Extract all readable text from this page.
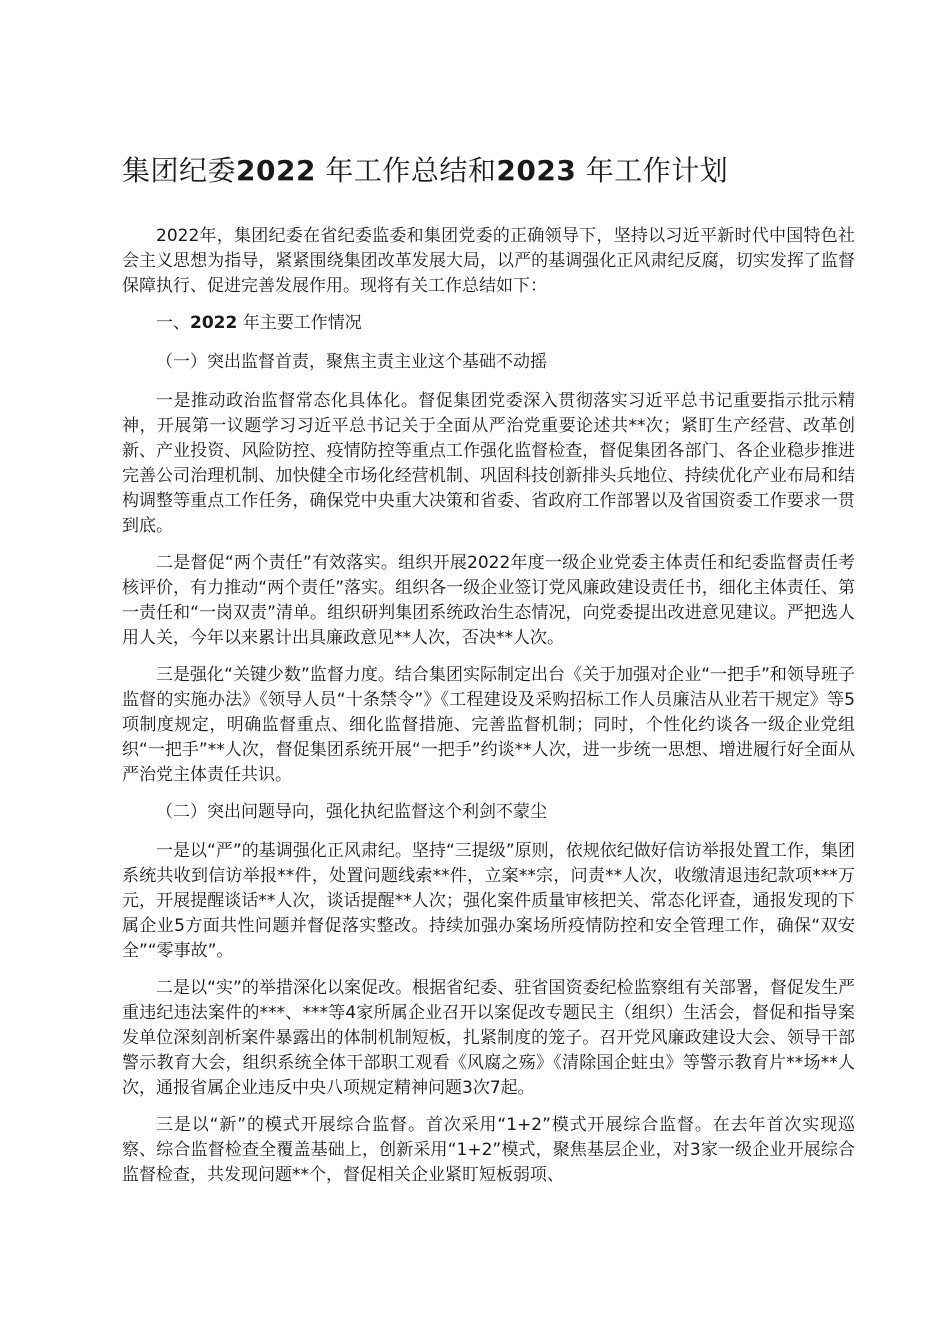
集团纪委2022 年工作总结和2023 年工作计划

2022年，集团纪委在省纪委监委和集团党委的正确领导下，坚持以习近平新时代中国特色社会主义思想为指导，紧紧围绕集团改革发展大局，以严的基调强化正风肃纪反腐，切实发挥了监督保障执行、促进完善发展作用。现将有关工作总结如下：

一、2022 年主要工作情况

（一）突出监督首责，聚焦主责主业这个基础不动摇

一是推动政治监督常态化具体化。督促集团党委深入贯彻落实习近平总书记重要指示批示精神，开展第一议题学习习近平总书记关于全面从严治党重要论述共**次；紧盯生产经营、改革创新、产业投资、风险防控、疫情防控等重点工作强化监督检查，督促集团各部门、各企业稳步推进完善公司治理机制、加快健全市场化经营机制、巩固科技创新排头兵地位、持续优化产业布局和结构调整等重点工作任务，确保党中央重大决策和省委、省政府工作部署以及省国资委工作要求一贯到底。

二是督促“两个责任”有效落实。组织开展2022年度一级企业党委主体责任和纪委监督责任考核评价，有力推动“两个责任”落实。组织各一级企业签订党风廉政建设责任书，细化主体责任、第一责任和“一岗双责”清单。组织研判集团系统政治生态情况，向党委提出改进意见建议。严把选人用人关，今年以来累计出具廉政意见**人次，否决**人次。

三是强化“关键少数”监督力度。结合集团实际制定出台《关于加强对企业“一把手”和领导班子监督的实施办法》《领导人员“十条禁令”》《工程建设及采购招标工作人员廉洁从业若干规定》等5项制度规定，明确监督重点、细化监督措施、完善监督机制；同时，个性化约谈各一级企业党组织“一把手”**人次，督促集团系统开展“一把手”约谈**人次，进一步统一思想、增进履行好全面从严治党主体责任共识。

（二）突出问题导向，强化执纪监督这个利剑不蒙尘

一是以“严”的基调强化正风肃纪。坚持“三提级”原则，依规依纪做好信访举报处置工作，集团系统共收到信访举报**件，处置问题线索**件，立案**宗，问责**人次，收缴清退违纪款项***万元，开展提醒谈话**人次，谈话提醒**人次；强化案件质量审核把关、常态化评查，通报发现的下属企业5方面共性问题并督促落实整改。持续加强办案场所疫情防控和安全管理工作，确保“双安全”“零事故”。

二是以“实”的举措深化以案促改。根据省纪委、驻省国资委纪检监察组有关部署，督促发生严重违纪违法案件的***、***等4家所属企业召开以案促改专题民主（组织）生活会，督促和指导案发单位深刻剖析案件暴露出的体制机制短板，扎紧制度的笼子。召开党风廉政建设大会、领导干部警示教育大会，组织系统全体干部职工观看《风腐之殇》《清除国企蛀虫》等警示教育片**场**人次，通报省属企业违反中央八项规定精神问题3次7起。

三是以“新”的模式开展综合监督。首次采用“1+2”模式开展综合监督。在去年首次实现巡察、综合监督检查全覆盖基础上，创新采用“1+2”模式，聚焦基层企业，对3家一级企业开展综合监督检查，共发现问题**个，督促相关企业紧盯短板弱项、
